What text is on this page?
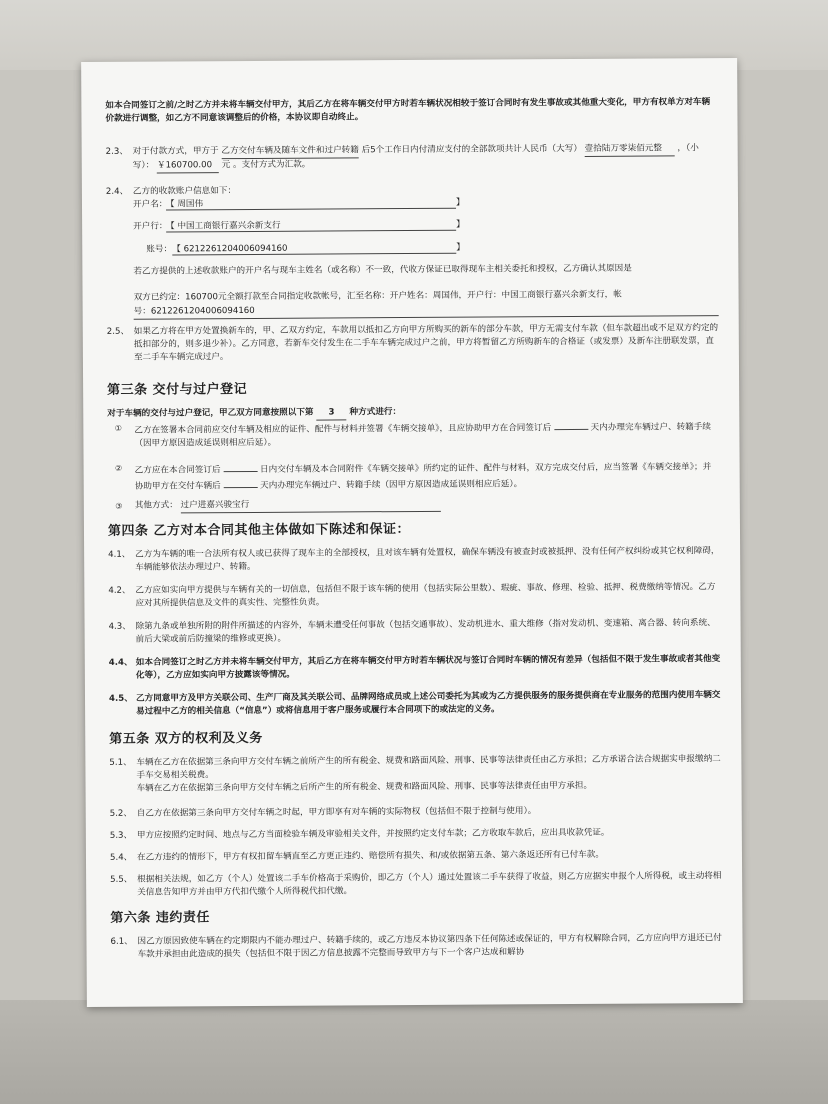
如本合同签订之前/之时乙方并未将车辆交付甲方，其后乙方在将车辆交付甲方时若车辆状况相较于签订合同时有发生事故或其他重大变化，甲方有权单方对车辆价款进行调整，如乙方不同意该调整后的价格，本协议即自动终止。
2.3、 对于付款方式，甲方于 乙方交付车辆及随车文件和过户转籍 后5个工作日内付清应支付的全部款项共计人民币（大写） 壹拾陆万零柒佰元整 ，（小写）： ￥160700.00 元 。支付方式为汇款。
2.4、 乙方的收款账户信息如下：
开户名：
【 周国伟	】
开户行：
【 中国工商银行嘉兴余新支行	】
账号： 【 6212261204006094160	】
若乙方提供的上述收款账户的开户名与现车主姓名（或名称）不一致，代收方保证已取得现车主相关委托和授权，乙方确认其原因是
双方已约定：160700元全额打款至合同指定收款帐号，汇至名称：开户姓名：周国伟，开户行：中国工商银行嘉兴余新支行，帐
号：6212261204006094160
2.5、 如果乙方将在甲方处置换新车的，甲、乙双方约定，车款用以抵扣乙方向甲方所购买的新车的部分车款，甲方无需支付车款（但车款超出或不足双方约定的抵扣部分的，则多退少补）。乙方同意，若新车交付发生在二手车车辆完成过户之前，甲方将暂留乙方所购新车的合格证（或发票）及新车注册联发票，直至二手车车辆完成过户。
第三条 交付与过户登记
对于车辆的交付与过户登记，甲乙双方同意按照以下第 3 种方式进行：
①	乙方在签署本合同前应交付车辆及相应的证件、配件与材料并签署《车辆交接单》，且应协助甲方在合同签订后	天内办理完车辆过户、转籍手续（因甲方原因造成延误则相应后延）。
②	乙方应在本合同签订后	日内交付车辆及本合同附件《车辆交接单》所约定的证件、配件与材料，双方完成交付后，应当签署《车辆交接单》；并协助甲方在交付车辆后	天内办理完车辆过户、转籍手续（因甲方原因造成延误则相应后延）。
③	其他方式： 过户进嘉兴骏宝行
第四条 乙方对本合同其他主体做如下陈述和保证：
4.1、 乙方为车辆的唯一合法所有权人或已获得了现车主的全部授权，且对该车辆有处置权，确保车辆没有被查封或被抵押、没有任何产权纠纷或其它权利障碍，车辆能够依法办理过户、转籍。
4.2、 乙方应如实向甲方提供与车辆有关的一切信息，包括但不限于该车辆的使用（包括实际公里数）、瑕疵、事故、修理、检验、抵押、税费缴纳等情况。乙方应对其所提供信息及文件的真实性、完整性负责。
4.3、 除第九条或单独所附的附件所描述的内容外，车辆未遭受任何事故（包括交通事故）、发动机进水、重大维修（指对发动机、变速箱、离合器、转向系统、前后大梁或前后防撞梁的维修或更换）。
4.4、 如本合同签订之时乙方并未将车辆交付甲方，其后乙方在将车辆交付甲方时若车辆状况与签订合同时车辆的情况有差异（包括但不限于发生事故或者其他变化等），乙方应如实向甲方披露该等情况。
4.5、 乙方同意甲方及甲方关联公司、生产厂商及其关联公司、品牌网络成员或上述公司委托为其或为乙方提供服务的服务提供商在专业服务的范围内使用车辆交易过程中乙方的相关信息（“信息”）或将信息用于客户服务或履行本合同项下的或法定的义务。
第五条 双方的权利及义务
5.1、 车辆在乙方在依据第三条向甲方交付车辆之前所产生的所有税金、规费和路面风险、刑事、民事等法律责任由乙方承担；乙方承诺合法合规据实申报缴纳二手车交易相关税费。
车辆在乙方在依据第三条向甲方交付车辆之后所产生的所有税金、规费和路面风险、刑事、民事等法律责任由甲方承担。
5.2、 自乙方在依据第三条向甲方交付车辆之时起，甲方即享有对车辆的实际物权（包括但不限于控制与使用）。
5.3、 甲方应按照约定时间、地点与乙方当面检验车辆及审验相关文件，并按照约定支付车款；乙方收取车款后，应出具收款凭证。
5.4、 在乙方违约的情形下，甲方有权扣留车辆直至乙方更正违约、赔偿所有损失、和/或依据第五条、第六条返还所有已付车款。
5.5、 根据相关法规，如乙方（个人）处置该二手车价格高于采购价，即乙方（个人）通过处置该二手车获得了收益，则乙方应据实申报个人所得税，或主动将相关信息告知甲方并由甲方代扣代缴个人所得税代扣代缴。
第六条 违约责任
6.1、 因乙方原因致使车辆在约定期限内不能办理过户、转籍手续的，或乙方违反本协议第四条下任何陈述或保证的，甲方有权解除合同，乙方应向甲方退还已付车款并承担由此造成的损失（包括但不限于因乙方信息披露不完整而导致甲方与下一个客户达成和解协
